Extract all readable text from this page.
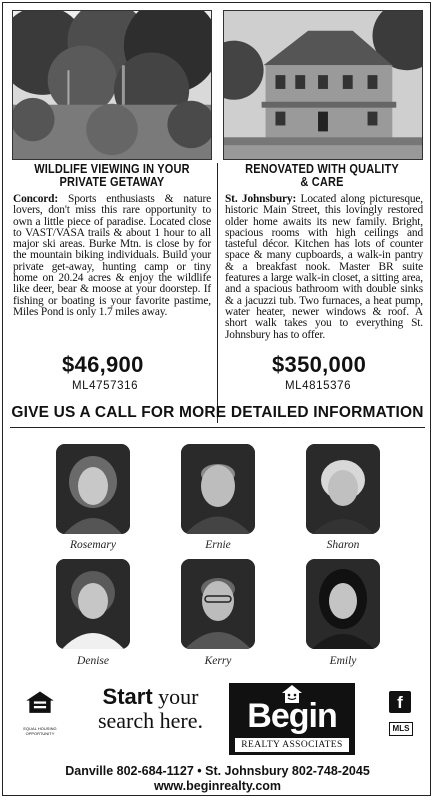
WILDLIFE VIEWING IN YOUR
PRIVATE GETAWAY
RENOVATED WITH QUALITY
& CARE
Concord: Sports enthusiasts & nature lovers, don't miss this rare opportunity to own a little piece of paradise. Located close to VAST/VASA trails & about 1 hour to all major ski areas. Burke Mtn. is close by for the mountain biking individuals. Build your private get-away, hunting camp or tiny home on 20.24 acres & enjoy the wildlife like deer, bear & moose at your doorstep. If fishing or boating is your favorite pastime, Miles Pond is only 1.7 miles away.
St. Johnsbury: Located along picturesque, historic Main Street, this lovingly restored older home awaits its new family. Bright, spacious rooms with high ceilings and tasteful décor. Kitchen has lots of counter space & many cupboards, a walk-in pantry & a breakfast nook. Master BR suite features a large walk-in closet, a sitting area, and a spacious bathroom with double sinks & a jacuzzi tub. Two furnaces, a heat pump, water heater, newer windows & roof. A short walk takes you to everything St. Johnsbury has to offer.
$46,900	$350,000
ML4757316	ML4815376
GIVE US A CALL FOR MORE DETAILED INFORMATION
Rosemary	Ernie	Sharon
Denise	Kerry	Emily
EQUAL HOUSING OPPORTUNITY
Start your
search here.	Begin
REALTY ASSOCIATES
f
MLS
Danville 802-684-1127 • St. Johnsbury 802-748-2045
www.beginrealty.com
